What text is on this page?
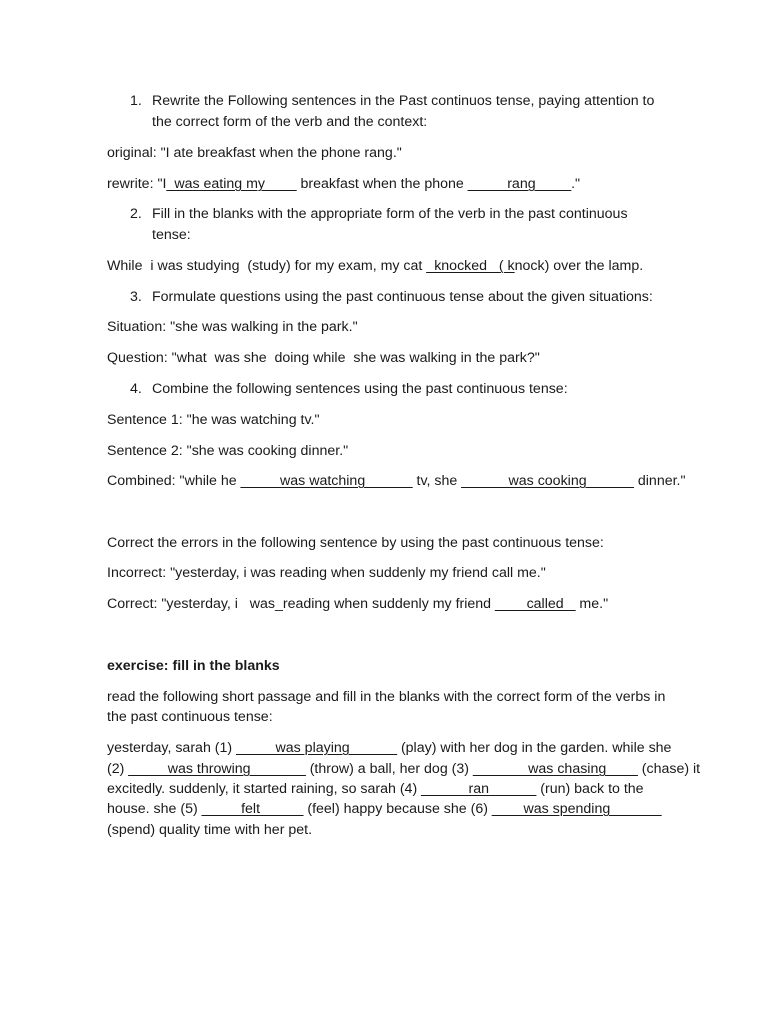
1. Rewrite the Following sentences in the Past continuos tense, paying attention to
the correct form of the verb and the context:
original: "I ate breakfast when the phone rang."
rewrite: "I_was eating my____ breakfast when the phone _____rang ____."
2. Fill in the blanks with the appropriate form of the verb in the past continuous
tense:
While  i was studying  (study) for my exam, my cat _knocked   ( knock) over the lamp.
3. Formulate questions using the past continuous tense about the given situations:
Situation: "she was walking in the park."
Question: "what  was she  doing while  she was walking in the park?"
4. Combine the following sentences using the past continuous tense:
Sentence 1: "he was watching tv."
Sentence 2: "she was cooking dinner."
Combined: "while he _____was watching______ tv, she ______was cooking______ dinner."
Correct the errors in the following sentence by using the past continuous tense:
Incorrect: "yesterday, i was reading when suddenly my friend call me."
Correct: "yesterday, i   was_reading when suddenly my friend ____called _ me."
exercise: fill in the blanks
read the following short passage and fill in the blanks with the correct form of the verbs in
the past continuous tense:
yesterday, sarah (1) _____was playing______ (play) with her dog in the garden. while she
(2) _____was throwing_______ (throw) a ball, her dog (3) _______was chasing____ (chase) it
excitedly. suddenly, it started raining, so sarah (4) ______ran______ (run) back to the
house. she (5) _____felt _____ (feel) happy because she (6) ____was spending ______
(spend) quality time with her pet.
